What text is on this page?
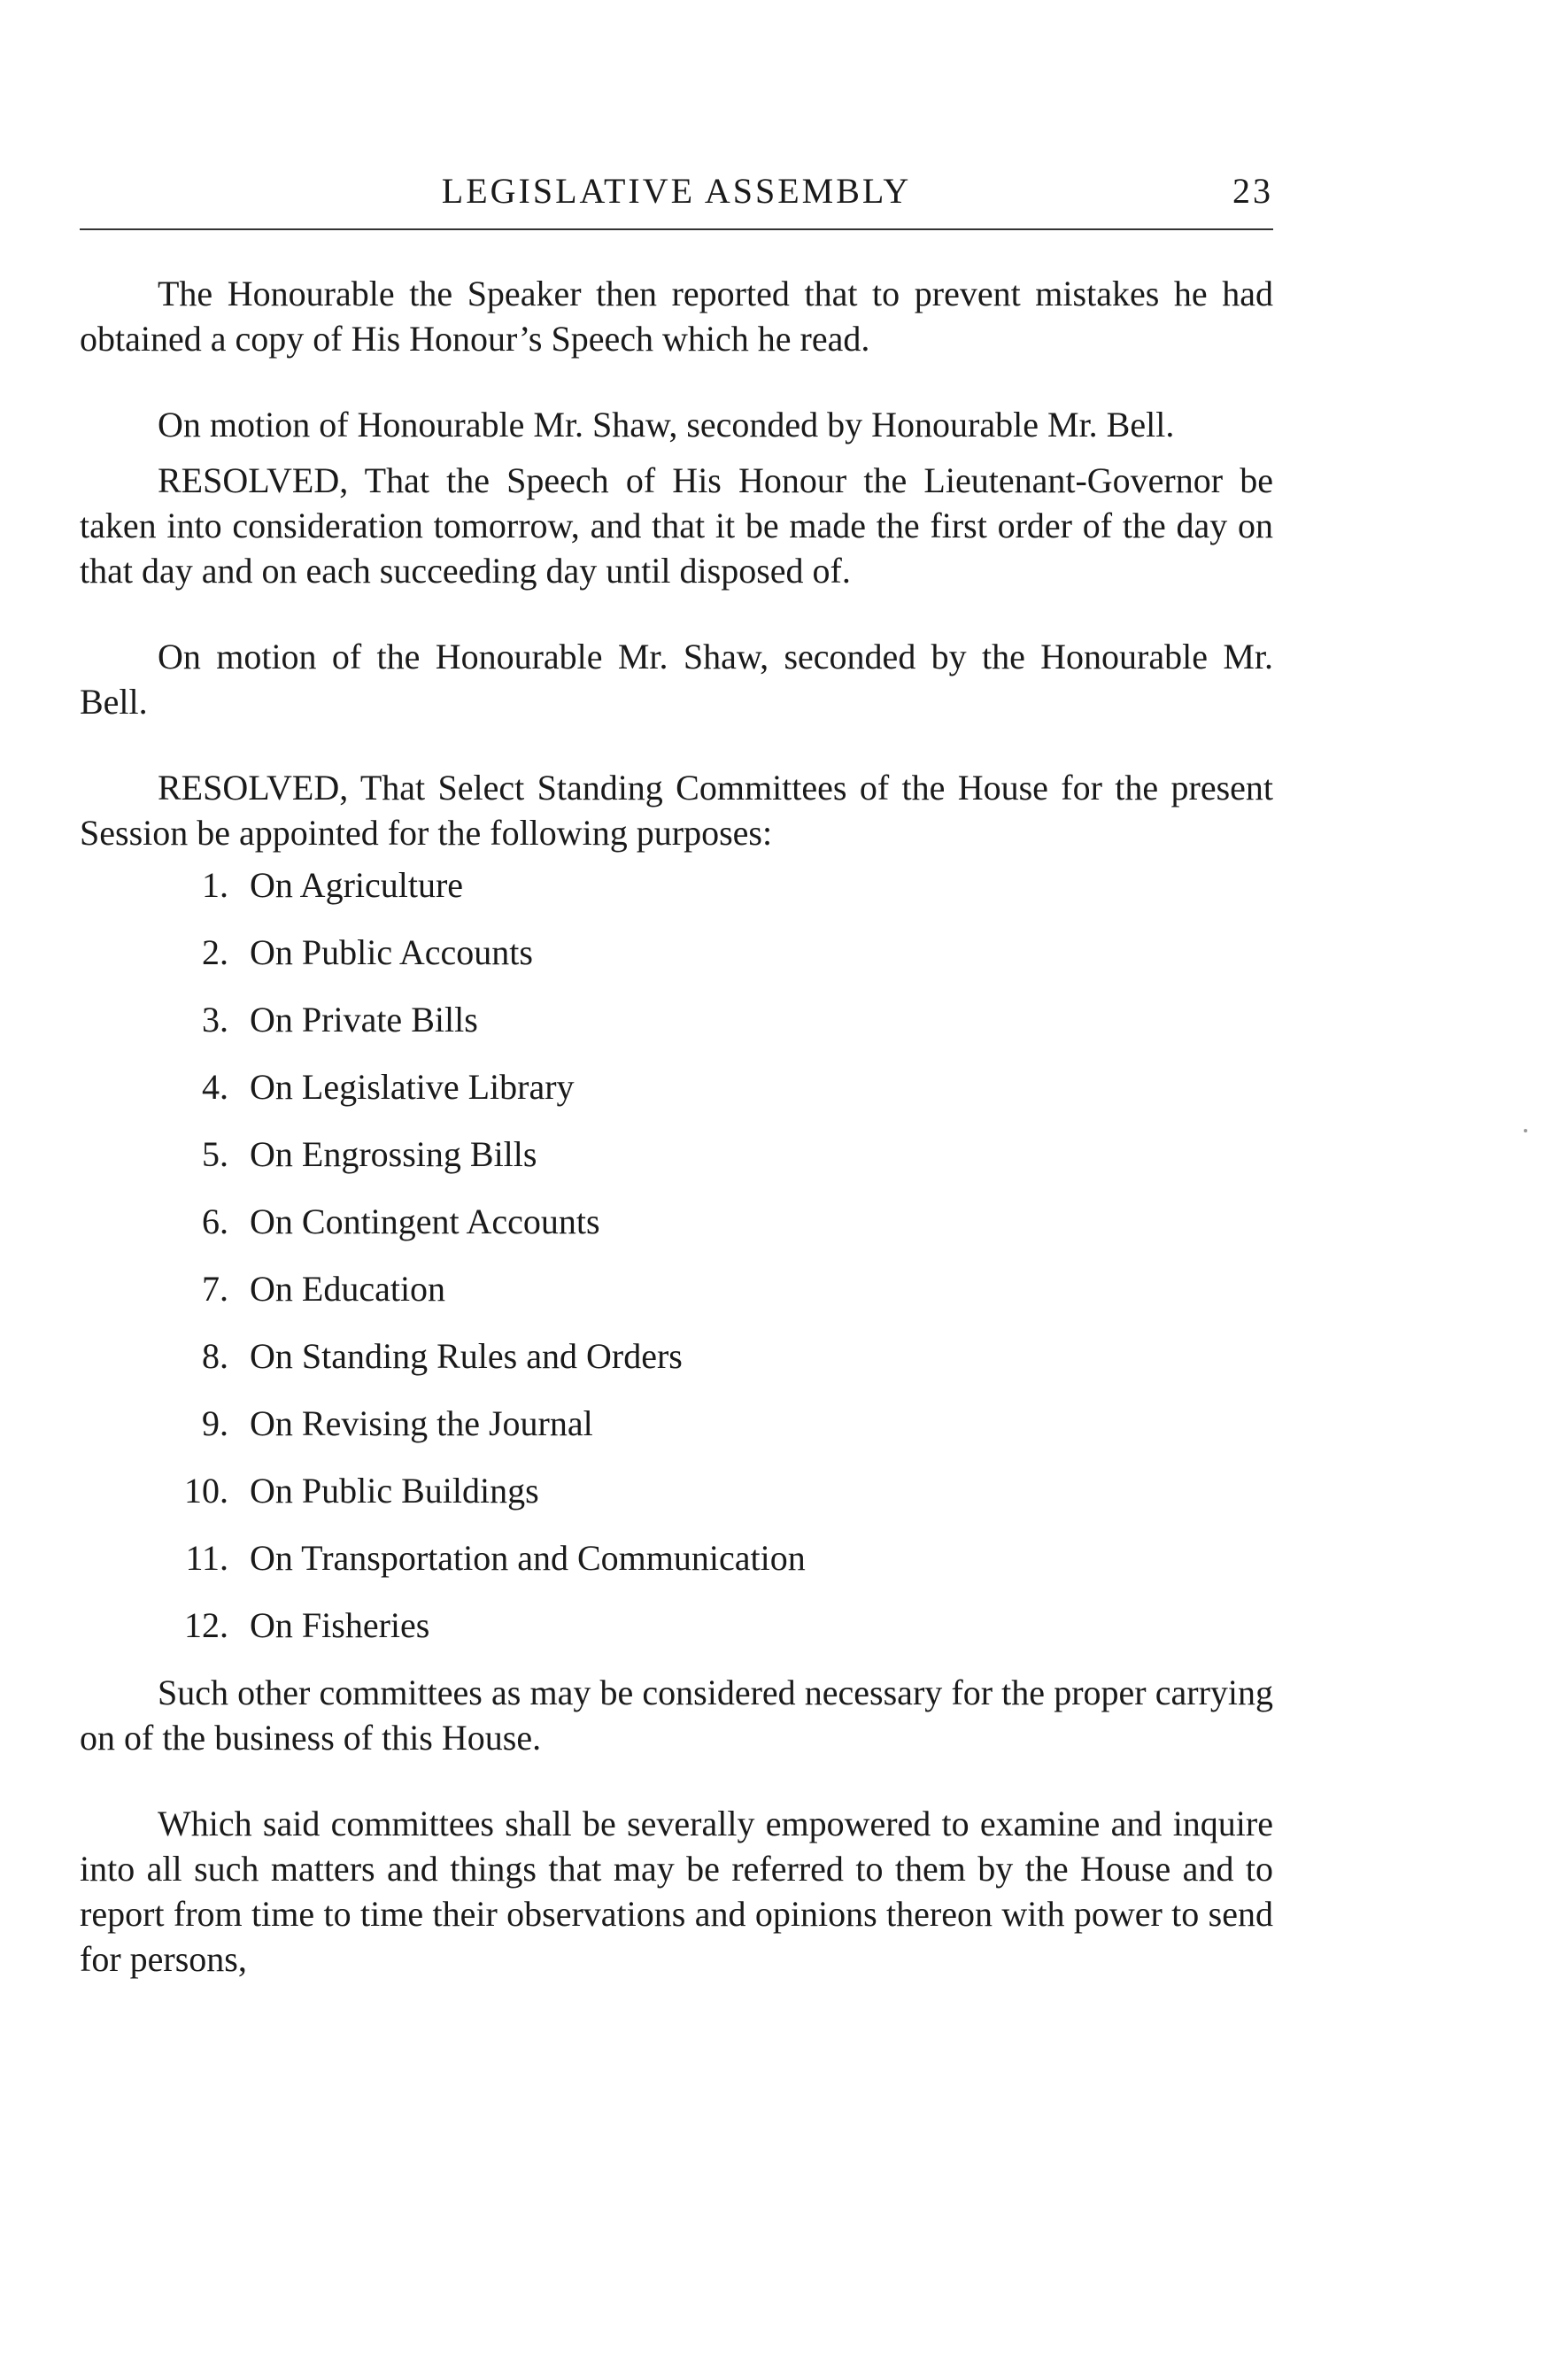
LEGISLATIVE ASSEMBLY	23

The Honourable the Speaker then reported that to prevent mistakes he had obtained a copy of His Honour’s Speech which he read.

On motion of Honourable Mr. Shaw, seconded by Honourable Mr. Bell.

RESOLVED, That the Speech of His Honour the Lieutenant-Governor be taken into consideration tomorrow, and that it be made the first order of the day on that day and on each succeeding day until disposed of.

On motion of the Honourable Mr. Shaw, seconded by the Honourable Mr. Bell.

RESOLVED, That Select Standing Committees of the House for the present Session be appointed for the following purposes:

1. On Agriculture
2. On Public Accounts
3. On Private Bills
4. On Legislative Library
5. On Engrossing Bills
6. On Contingent Accounts
7. On Education
8. On Standing Rules and Orders
9. On Revising the Journal
10. On Public Buildings
11. On Transportation and Communication
12. On Fisheries

Such other committees as may be considered necessary for the proper carrying on of the business of this House.

Which said committees shall be severally empowered to examine and inquire into all such matters and things that may be referred to them by the House and to report from time to time their observations and opinions thereon with power to send for persons,
